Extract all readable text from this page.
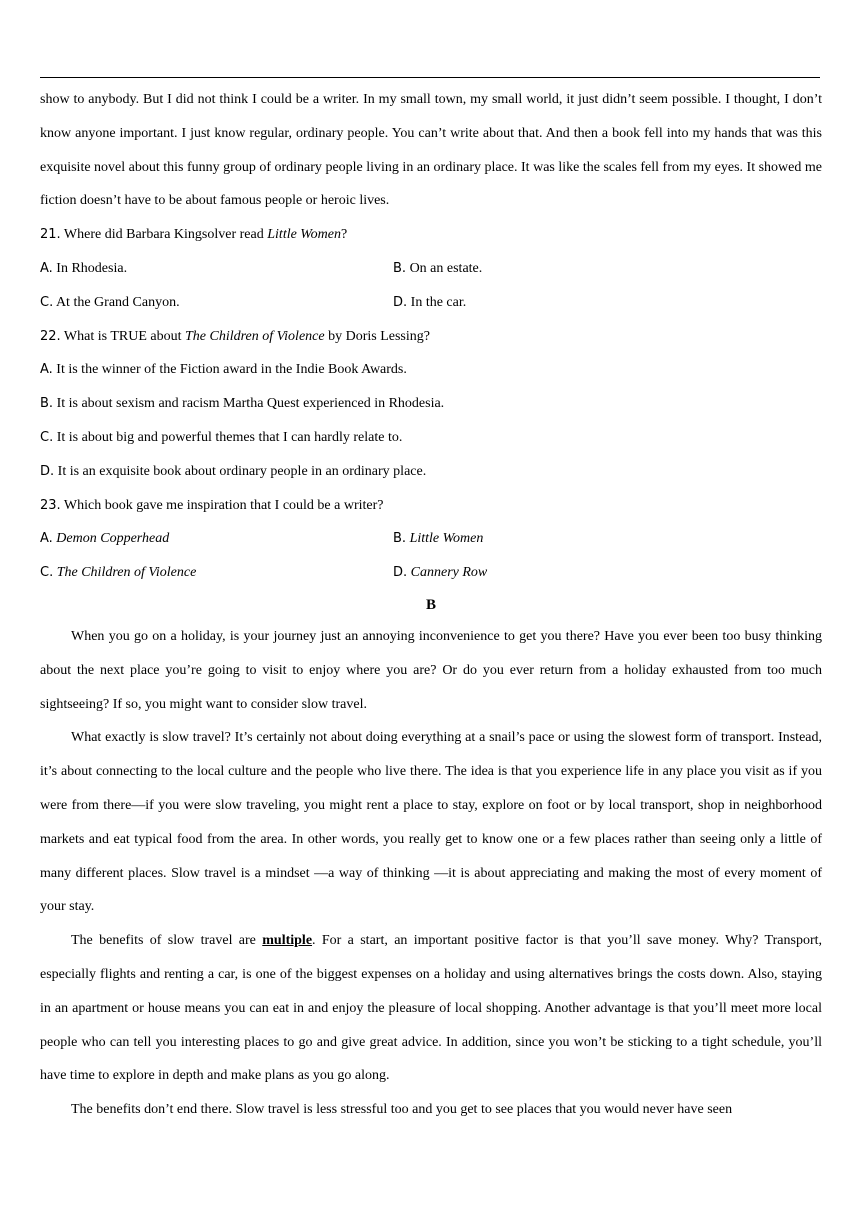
show to anybody. But I did not think I could be a writer. In my small town, my small world, it just didn’t seem possible. I thought, I don’t know anyone important. I just know regular, ordinary people. You can’t write about that. And then a book fell into my hands that was this exquisite novel about this funny group of ordinary people living in an ordinary place. It was like the scales fell from my eyes. It showed me fiction doesn’t have to be about famous people or heroic lives.

21. Where did Barbara Kingsolver read Little Women?

A. In Rhodesia.	B. On an estate.
C. At the Grand Canyon.	D. In the car.

22. What is TRUE about The Children of Violence by Doris Lessing?

A. It is the winner of the Fiction award in the Indie Book Awards.

B. It is about sexism and racism Martha Quest experienced in Rhodesia.

C. It is about big and powerful themes that I can hardly relate to.

D. It is an exquisite book about ordinary people in an ordinary place.

23. Which book gave me inspiration that I could be a writer?

A. Demon Copperhead	B. Little Women
C. The Children of Violence	D. Cannery Row

B

When you go on a holiday, is your journey just an annoying inconvenience to get you there? Have you ever been too busy thinking about the next place you’re going to visit to enjoy where you are? Or do you ever return from a holiday exhausted from too much sightseeing? If so, you might want to consider slow travel.

What exactly is slow travel? It’s certainly not about doing everything at a snail’s pace or using the slowest form of transport. Instead, it’s about connecting to the local culture and the people who live there. The idea is that you experience life in any place you visit as if you were from there—if you were slow traveling, you might rent a place to stay, explore on foot or by local transport, shop in neighborhood markets and eat typical food from the area. In other words, you really get to know one or a few places rather than seeing only a little of many different places. Slow travel is a mindset —a way of thinking —it is about appreciating and making the most of every moment of your stay.

The benefits of slow travel are multiple. For a start, an important positive factor is that you’ll save money. Why? Transport, especially flights and renting a car, is one of the biggest expenses on a holiday and using alternatives brings the costs down. Also, staying in an apartment or house means you can eat in and enjoy the pleasure of local shopping. Another advantage is that you’ll meet more local people who can tell you interesting places to go and give great advice. In addition, since you won’t be sticking to a tight schedule, you’ll have time to explore in depth and make plans as you go along.

The benefits don’t end there. Slow travel is less stressful too and you get to see places that you would never have seen
